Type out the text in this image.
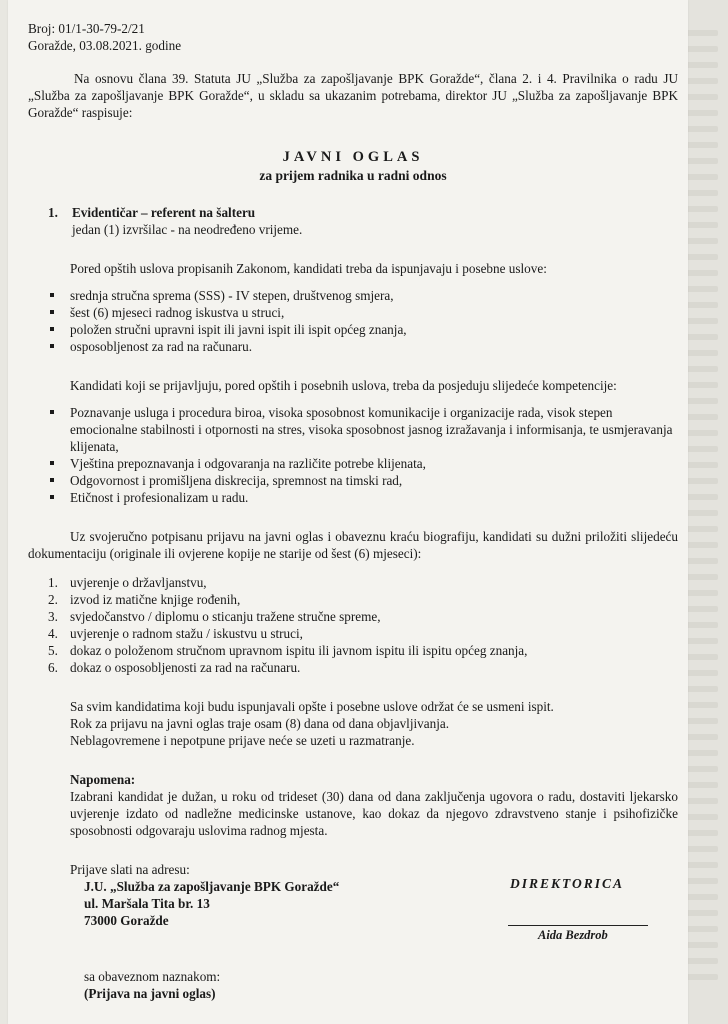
Broj: 01/1-30-79-2/21

Goražde, 03.08.2021. godine

Na osnovu člana 39. Statuta JU „Služba za zapošljavanje BPK Goražde“, člana 2. i 4. Pravilnika o radu JU „Služba za zapošljavanje BPK Goražde“, u skladu sa ukazanim potrebama, direktor JU „Služba za zapošljavanje BPK Goražde“ raspisuje:

JAVNI OGLAS

za prijem radnika u radni odnos

1. Evidentičar – referent na šalteru
jedan (1) izvršilac - na neodređeno vrijeme.

Pored opštih uslova propisanih Zakonom, kandidati treba da ispunjavaju i posebne uslove:

srednja stručna sprema (SSS) - IV stepen, društvenog smjera,
šest (6) mjeseci radnog iskustva u struci,
položen stručni upravni ispit ili javni ispit ili ispit općeg znanja,
osposobljenost za rad na računaru.

Kandidati koji se prijavljuju, pored opštih i posebnih uslova, treba da posjeduju slijedeće kompetencije:

Poznavanje usluga i procedura biroa, visoka sposobnost komunikacije i organizacije rada, visok stepen emocionalne stabilnosti i otpornosti na stres, visoka sposobnost jasnog izražavanja i informisanja, te usmjeravanja klijenata,
Vještina prepoznavanja i odgovaranja na različite potrebe klijenata,
Odgovornost i promišljena diskrecija, spremnost na timski rad,
Etičnost i profesionalizam u radu.

Uz svojeručno potpisanu prijavu na javni oglas i obaveznu kraću biografiju, kandidati su dužni priložiti slijedeću dokumentaciju (originale ili ovjerene kopije ne starije od šest (6) mjeseci):

1. uvjerenje o državljanstvu,
2. izvod iz matične knjige rođenih,
3. svjedočanstvo / diplomu o sticanju tražene stručne spreme,
4. uvjerenje o radnom stažu / iskustvu u struci,
5. dokaz o položenom stručnom upravnom ispitu ili javnom ispitu ili ispitu općeg znanja,
6. dokaz o osposobljenosti za rad na računaru.

Sa svim kandidatima koji budu ispunjavali opšte i posebne uslove održat će se usmeni ispit.

Rok za prijavu na javni oglas traje osam (8) dana od dana objavljivanja.

Neblagovremene i nepotpune prijave neće se uzeti u razmatranje.

Napomena:

Izabrani kandidat je dužan, u roku od trideset (30) dana od dana zaključenja ugovora o radu, dostaviti ljekarsko uvjerenje izdato od nadležne medicinske ustanove, kao dokaz da njegovo zdravstveno stanje i psihofizičke sposobnosti odgovaraju uslovima radnog mjesta.

Prijave slati na adresu:

J.U. „Služba za zapošljavanje BPK Goražde“
ul. Maršala Tita br. 13
73000 Goražde
sa obaveznom naznakom:
(Prijava na javni oglas)
DIREKTORICA
Aida Bezdrob
